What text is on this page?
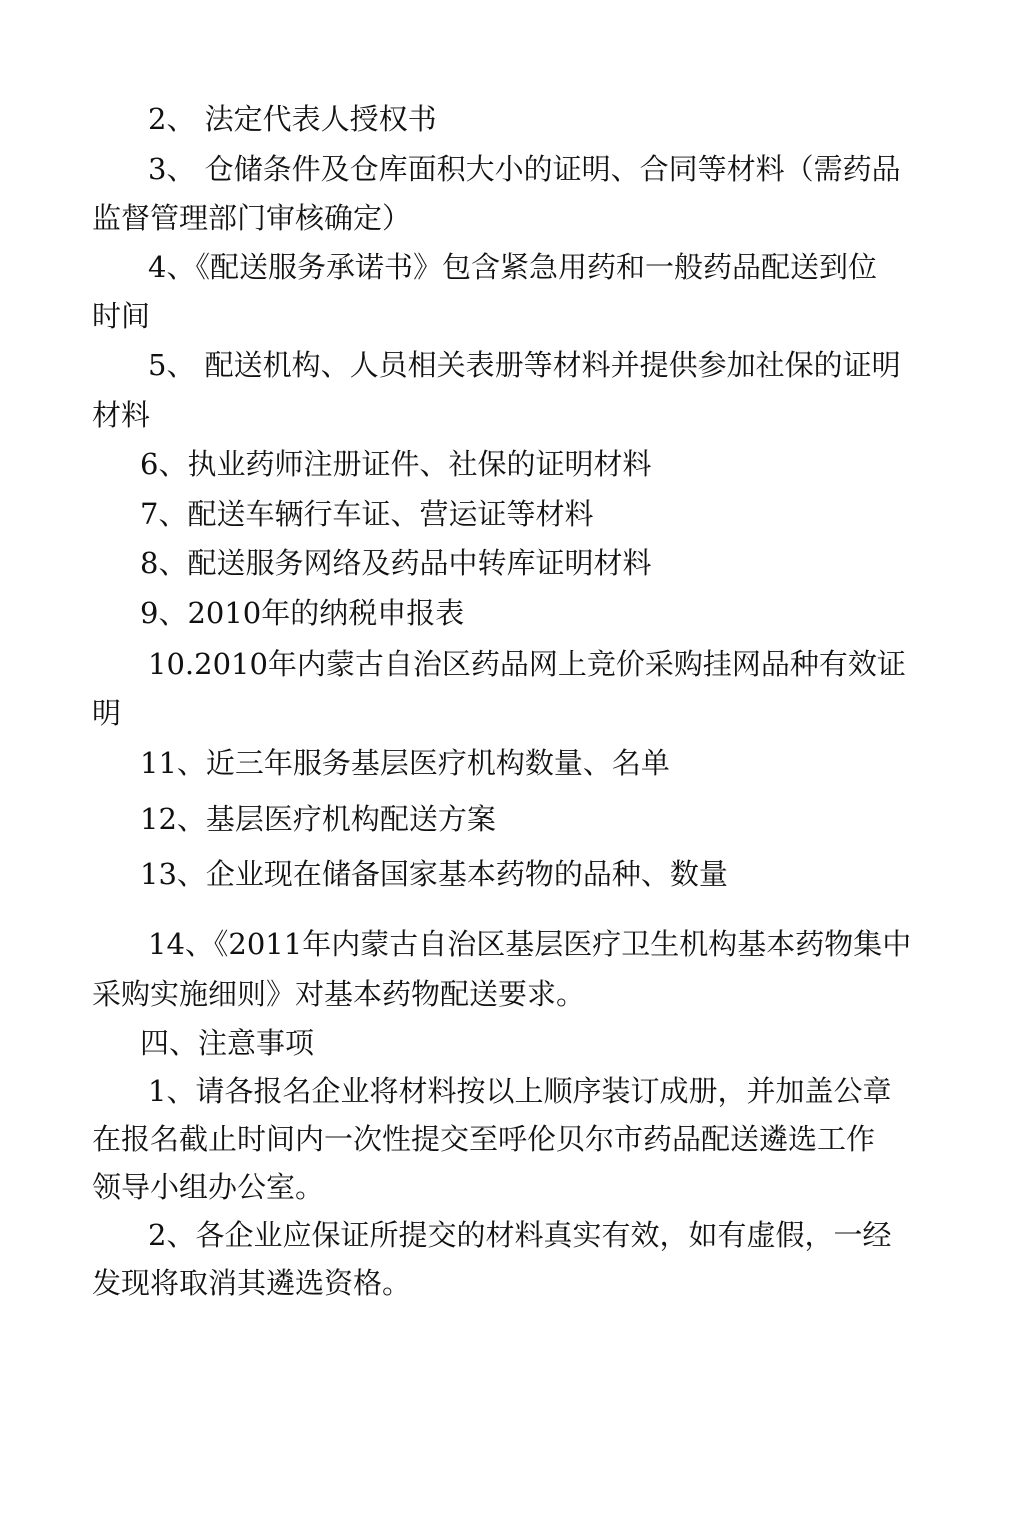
2、 法定代表人授权书
3、 仓储条件及仓库面积大小的证明、合同等材料（需药品
监督管理部门审核确定）
4、《配送服务承诺书》包含紧急用药和一般药品配送到位
时间
5、 配送机构、人员相关表册等材料并提供参加社保的证明
材料
6、执业药师注册证件、社保的证明材料
7、配送车辆行车证、营运证等材料
8、配送服务网络及药品中转库证明材料
9、2010年的纳税申报表
10.2010年内蒙古自治区药品网上竞价采购挂网品种有效证
明
11、近三年服务基层医疗机构数量、名单
12、基层医疗机构配送方案
13、企业现在储备国家基本药物的品种、数量
14、《2011年内蒙古自治区基层医疗卫生机构基本药物集中
采购实施细则》对基本药物配送要求。
四、注意事项
1、请各报名企业将材料按以上顺序装订成册，并加盖公章
在报名截止时间内一次性提交至呼伦贝尔市药品配送遴选工作
领导小组办公室。
2、各企业应保证所提交的材料真实有效，如有虚假，一经
发现将取消其遴选资格。
